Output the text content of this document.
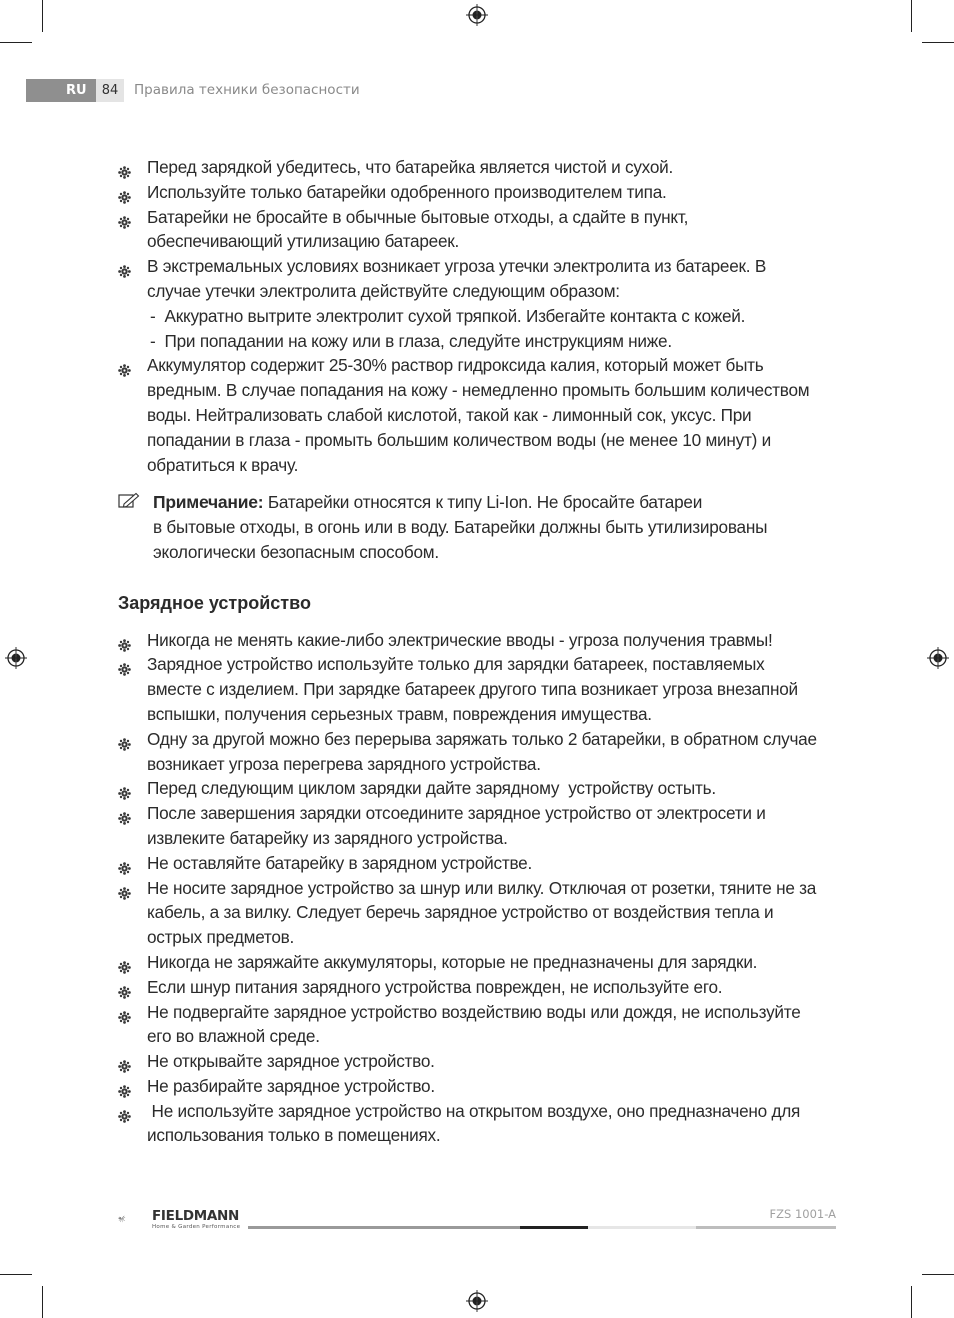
RU	84	Правила техники безопасности
Перед зарядкой убедитесь, что батарейка является чистой и сухой.
Используйте только батарейки одобренного производителем типа.
Батарейки не бросайте в обычные бытовые отходы, а сдайте в пункт,
обеспечивающий утилизацию батареек.
В экстремальных условиях возникает угроза утечки электролита из батареек. В
случае утечки электролита действуйте следующим образом:
-  Аккуратно вытрите электролит сухой тряпкой. Избегайте контакта с кожей.
-  При попадании на кожу или в глаза, следуйте инструкциям ниже.
Аккумулятор содержит 25-30% раствор гидроксида калия, который может быть
вредным. В случае попадания на кожу - немедленно промыть большим количеством
воды. Нейтрализовать слабой кислотой, такой как - лимонный сок, уксус. При
попадании в глаза - промыть большим количеством воды (не менее 10 минут) и
обратиться к врачу.
Примечание: Батарейки относятся к типу Li-Ion. Не бросайте батареи
в бытовые отходы, в огонь или в воду. Батарейки должны быть утилизированы
экологически безопасным способом.
Зарядное устройство
Никогда не менять какие-либо электрические вводы - угроза получения травмы!
Зарядное устройство используйте только для зарядки батареек, поставляемых
вместе с изделием. При зарядке батареек другого типа возникает угроза внезапной
вспышки, получения серьезных травм, повреждения имущества.
Одну за другой можно без перерыва заряжать только 2 батарейки, в обратном случае
возникает угроза перегрева зарядного устройства.
Перед следующим циклом зарядки дайте зарядному  устройству остыть.
После завершения зарядки отсоедините зарядное устройство от электросети и
извлеките батарейку из зарядного устройства.
Не оставляйте батарейку в зарядном устройстве.
Не носите зарядное устройство за шнур или вилку. Отключая от розетки, тяните не за
кабель, а за вилку. Следует беречь зарядное устройство от воздействия тепла и
острых предметов.
Никогда не заряжайте аккумуляторы, которые не предназначены для зарядки.
Если шнур питания зарядного устройства поврежден, не используйте его.
Не подвергайте зарядное устройство воздействию воды или дождя, не используйте
его во влажной среде.
Не открывайте зарядное устройство.
Не разбирайте зарядное устройство.
Не используйте зарядное устройство на открытом воздухе, оно предназначено для
использования только в помещениях.
FIELDMANN
Home & Garden Performance
FZS 1001-A
